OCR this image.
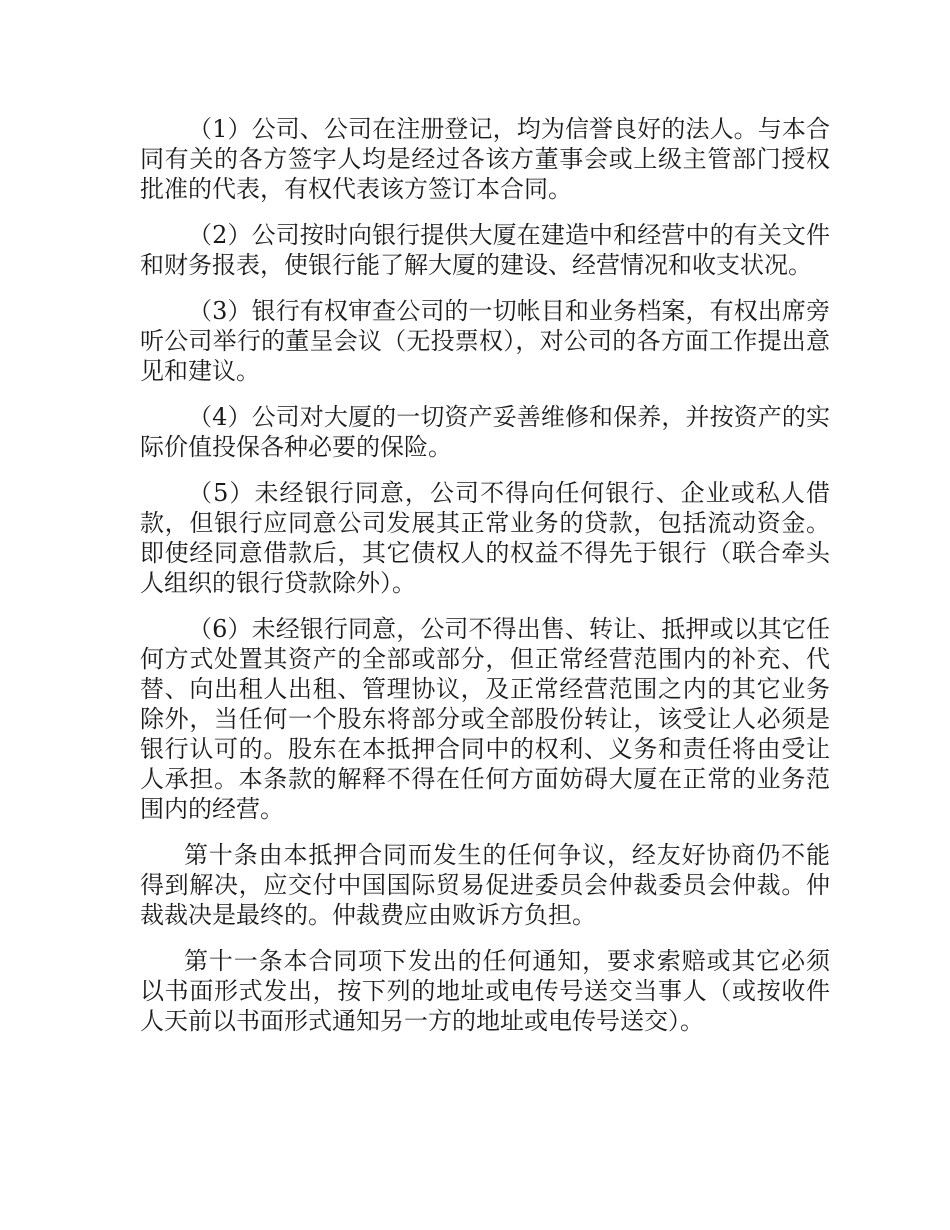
（1）公司、公司在注册登记，均为信誉良好的法人。与本合同有关的各方签字人均是经过各该方董事会或上级主管部门授权批准的代表，有权代表该方签订本合同。

（2）公司按时向银行提供大厦在建造中和经营中的有关文件和财务报表，使银行能了解大厦的建设、经营情况和收支状况。

（3）银行有权审查公司的一切帐目和业务档案，有权出席旁听公司举行的董呈会议（无投票权），对公司的各方面工作提出意见和建议。

（4）公司对大厦的一切资产妥善维修和保养，并按资产的实际价值投保各种必要的保险。

（5）未经银行同意，公司不得向任何银行、企业或私人借款，但银行应同意公司发展其正常业务的贷款，包括流动资金。即使经同意借款后，其它债权人的权益不得先于银行（联合牵头人组织的银行贷款除外）。

（6）未经银行同意，公司不得出售、转让、抵押或以其它任何方式处置其资产的全部或部分，但正常经营范围内的补充、代替、向出租人出租、管理协议，及正常经营范围之内的其它业务除外，当任何一个股东将部分或全部股份转让，该受让人必须是银行认可的。股东在本抵押合同中的权利、义务和责任将由受让人承担。本条款的解释不得在任何方面妨碍大厦在正常的业务范围内的经营。

第十条由本抵押合同而发生的任何争议，经友好协商仍不能得到解决，应交付中国国际贸易促进委员会仲裁委员会仲裁。仲裁裁决是最终的。仲裁费应由败诉方负担。

第十一条本合同项下发出的任何通知，要求索赔或其它必须以书面形式发出，按下列的地址或电传号送交当事人（或按收件人天前以书面形式通知另一方的地址或电传号送交）。
